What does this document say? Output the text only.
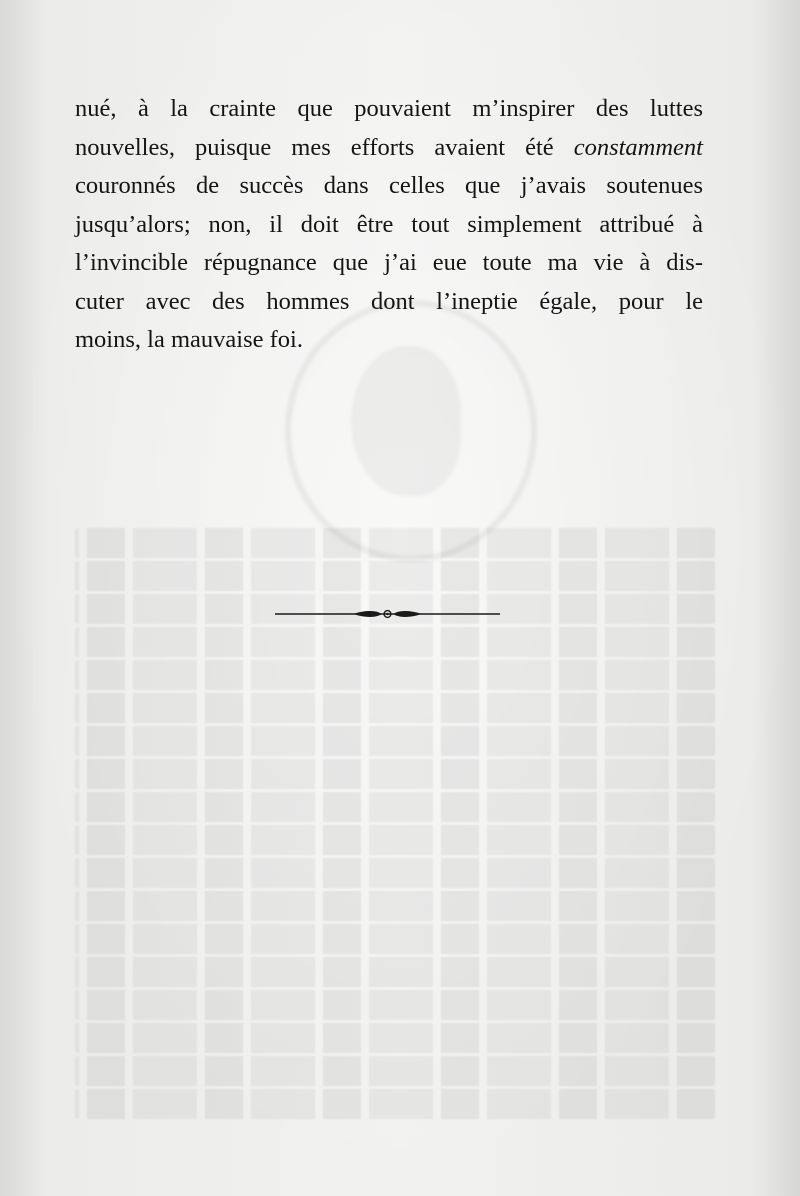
nué, à la crainte que pouvaient m’inspirer des luttes
nouvelles, puisque mes efforts avaient été constamment
couronnés de succès dans celles que j’avais soutenues
jusqu’alors; non, il doit être tout simplement attribué à
l’invincible répugnance que j’ai eue toute ma vie à dis-
cuter avec des hommes dont l’ineptie égale, pour le
moins, la mauvaise foi.
